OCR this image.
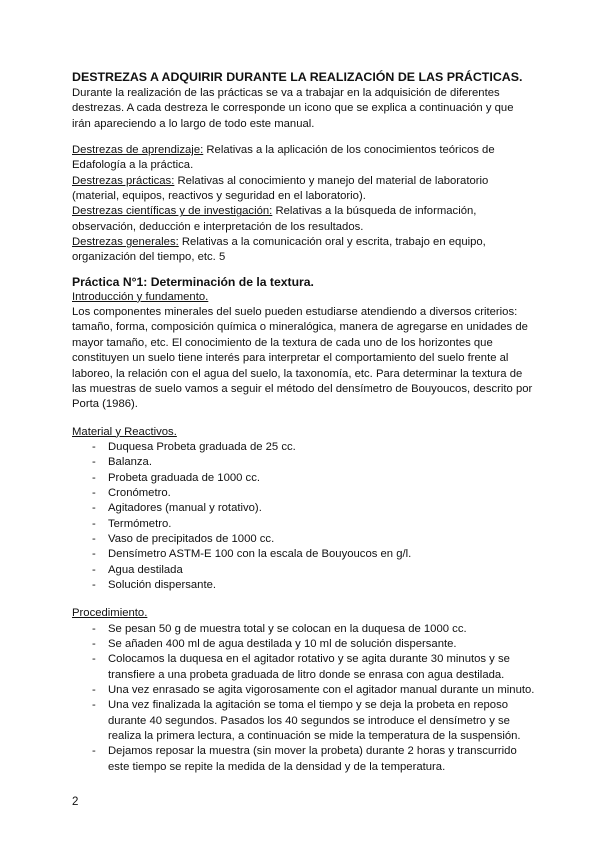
DESTREZAS A ADQUIRIR DURANTE LA REALIZACIÓN DE LAS PRÁCTICAS.
Durante la realización de las prácticas se va a trabajar en la adquisición de diferentes
destrezas. A cada destreza le corresponde un icono que se explica a continuación y que
irán apareciendo a lo largo de todo este manual.
Destrezas de aprendizaje: Relativas a la aplicación de los conocimientos teóricos de
Edafología a la práctica.
Destrezas prácticas: Relativas al conocimiento y manejo del material de laboratorio
(material, equipos, reactivos y seguridad en el laboratorio).
Destrezas científicas y de investigación: Relativas a la búsqueda de información,
observación, deducción e interpretación de los resultados.
Destrezas generales: Relativas a la comunicación oral y escrita, trabajo en equipo,
organización del tiempo, etc. 5
Práctica N°1: Determinación de la textura.
Introducción y fundamento.
Los componentes minerales del suelo pueden estudiarse atendiendo a diversos criterios:
tamaño, forma, composición química o mineralógica, manera de agregarse en unidades de
mayor tamaño, etc. El conocimiento de la textura de cada uno de los horizontes que
constituyen un suelo tiene interés para interpretar el comportamiento del suelo frente al
laboreo, la relación con el agua del suelo, la taxonomía, etc. Para determinar la textura de
las muestras de suelo vamos a seguir el método del densímetro de Bouyoucos, descrito por
Porta (1986).
Material y Reactivos.
- Duquesa Probeta graduada de 25 cc.
- Balanza.
- Probeta graduada de 1000 cc.
- Cronómetro.
- Agitadores (manual y rotativo).
- Termómetro.
- Vaso de precipitados de 1000 cc.
- Densímetro ASTM-E 100 con la escala de Bouyoucos en g/l.
- Agua destilada
- Solución dispersante.
Procedimiento.
- Se pesan 50 g de muestra total y se colocan en la duquesa de 1000 cc.
- Se añaden 400 ml de agua destilada y 10 ml de solución dispersante.
- Colocamos la duquesa en el agitador rotativo y se agita durante 30 minutos y se
transfiere a una probeta graduada de litro donde se enrasa con agua destilada.
- Una vez enrasado se agita vigorosamente con el agitador manual durante un minuto.
- Una vez finalizada la agitación se toma el tiempo y se deja la probeta en reposo
durante 40 segundos. Pasados los 40 segundos se introduce el densímetro y se
realiza la primera lectura, a continuación se mide la temperatura de la suspensión.
- Dejamos reposar la muestra (sin mover la probeta) durante 2 horas y transcurrido
este tiempo se repite la medida de la densidad y de la temperatura.
2
